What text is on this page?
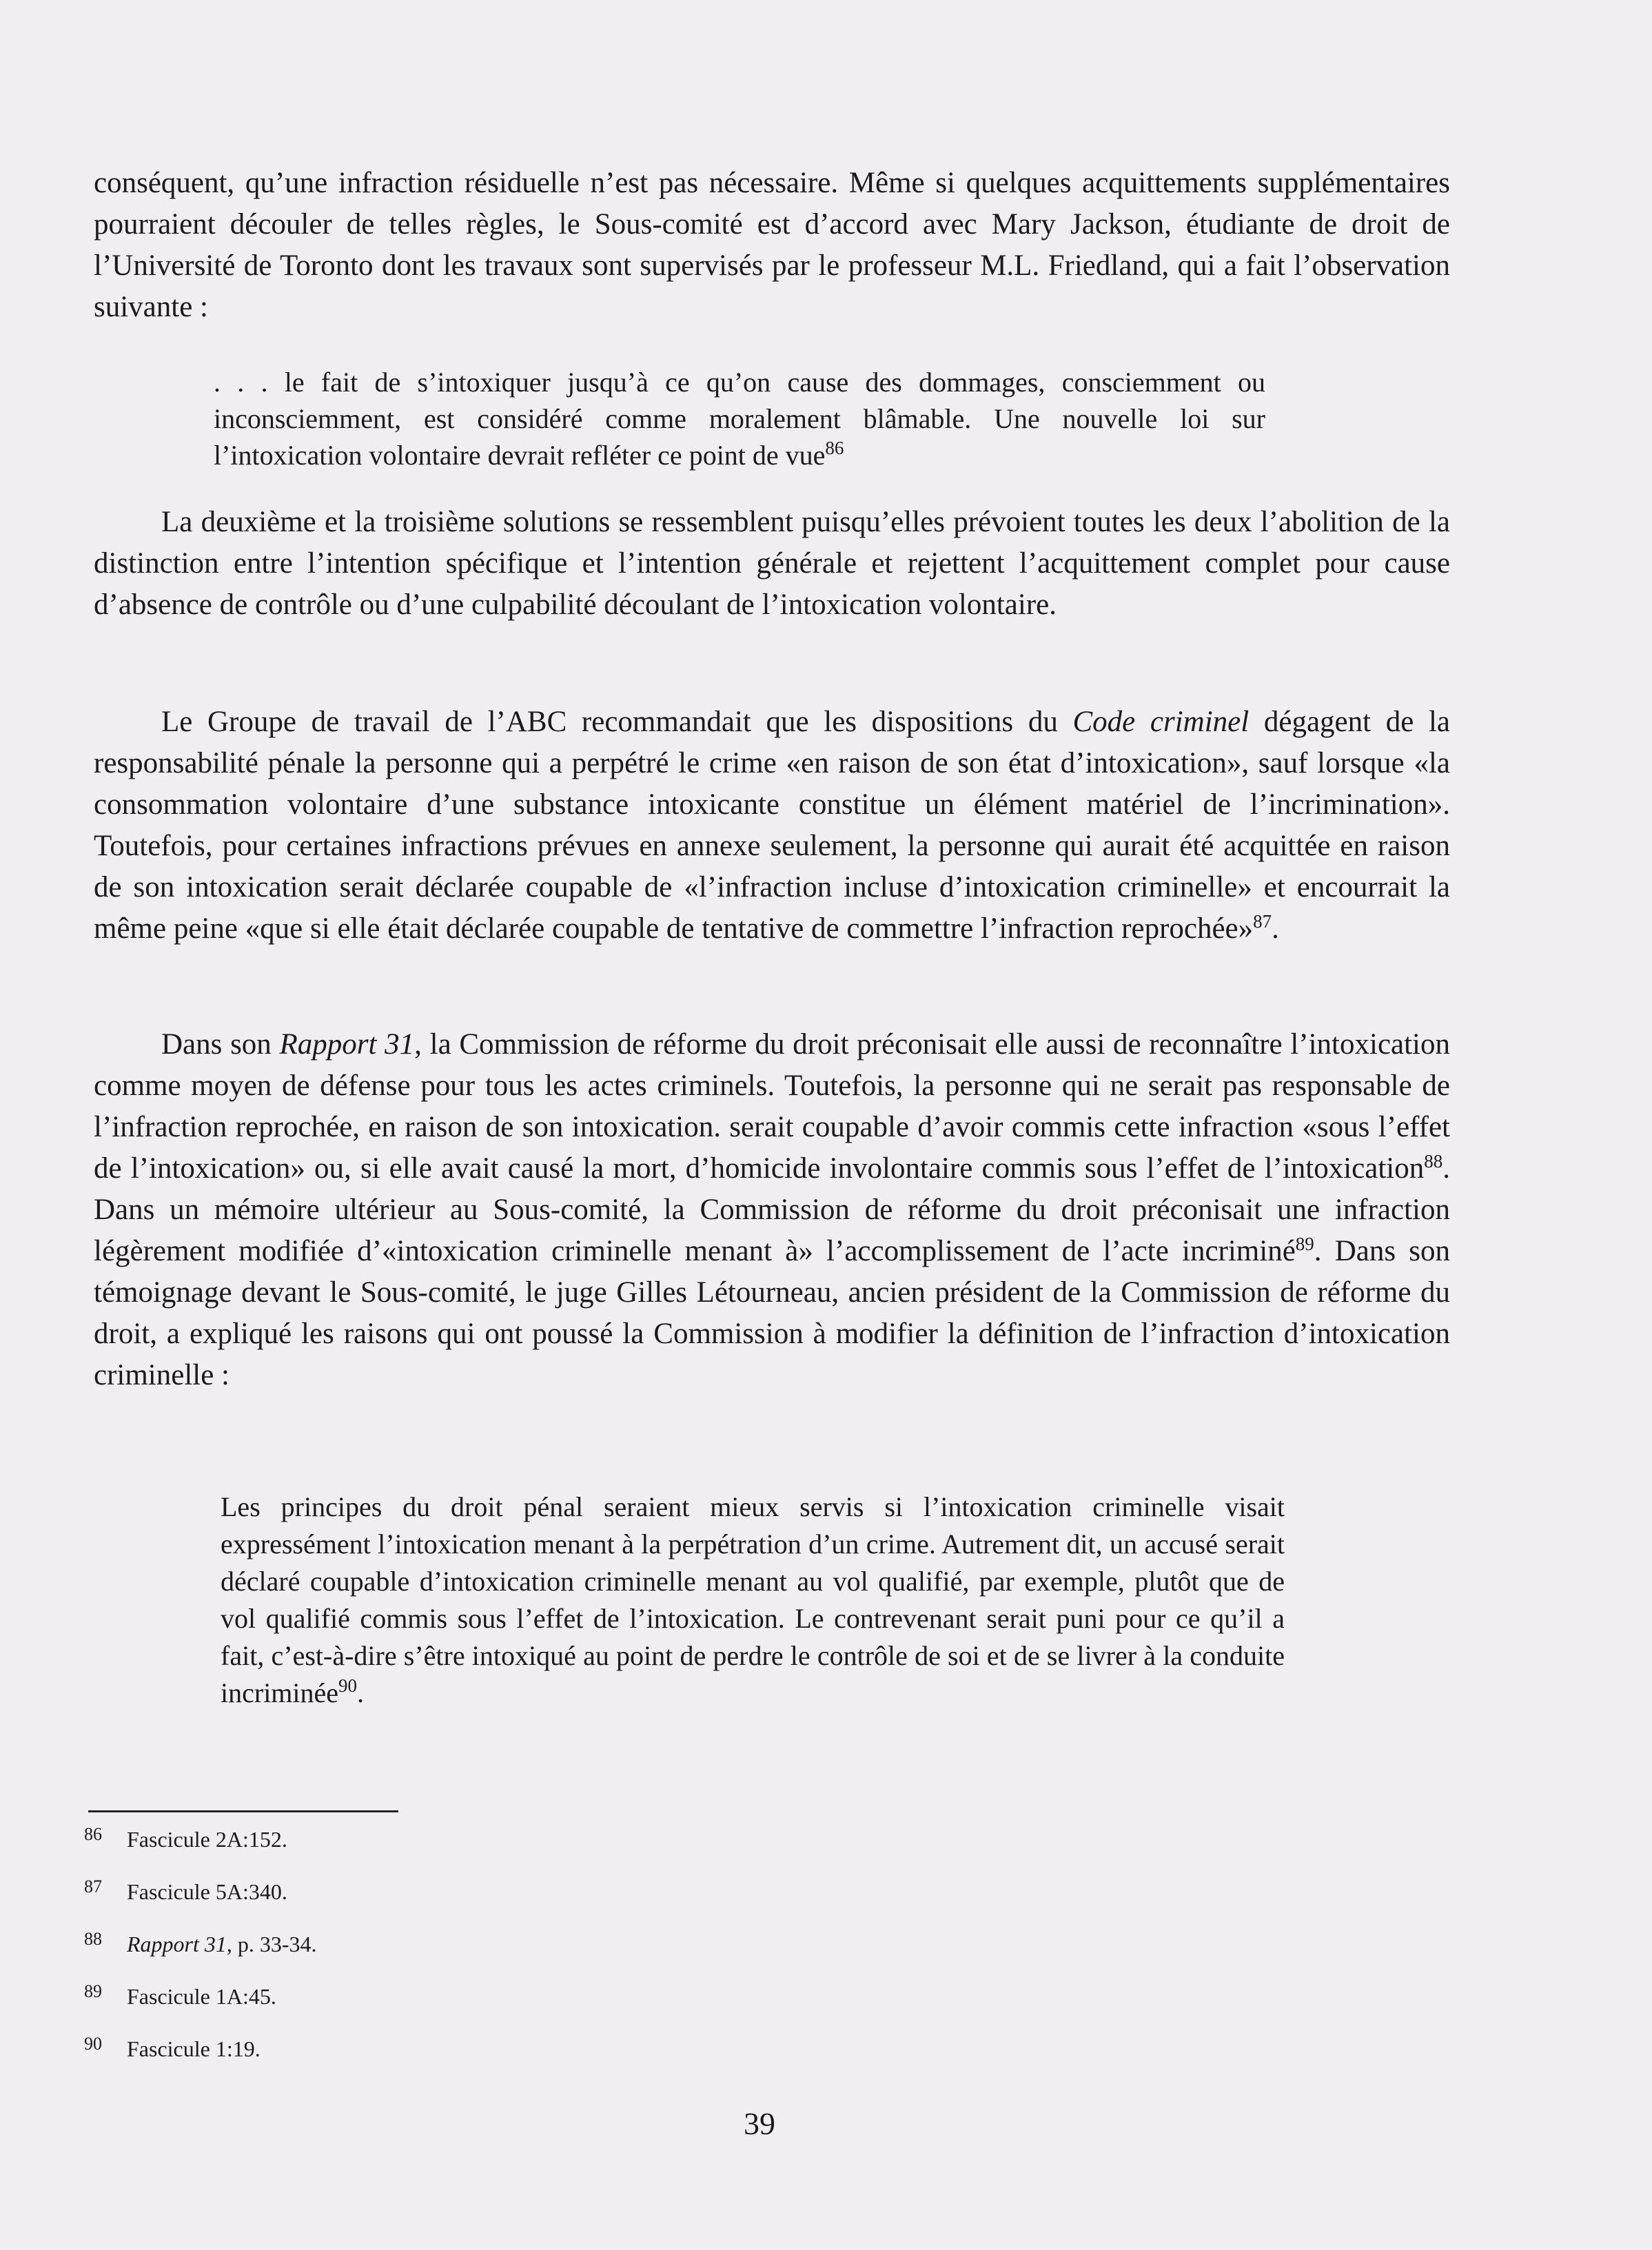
conséquent, qu’une infraction résiduelle n’est pas nécessaire. Même si quelques acquittements supplémentaires pourraient découler de telles règles, le Sous-comité est d’accord avec Mary Jackson, étudiante de droit de l’Université de Toronto dont les travaux sont supervisés par le professeur M.L. Friedland, qui a fait l’observation suivante :

. . . le fait de s’intoxiquer jusqu’à ce qu’on cause des dommages, consciemment ou inconsciemment, est considéré comme moralement blâmable. Une nouvelle loi sur l’intoxication volontaire devrait refléter ce point de vue$^{86}$

La deuxième et la troisième solutions se ressemblent puisqu’elles prévoient toutes les deux l’abolition de la distinction entre l’intention spécifique et l’intention générale et rejettent l’acquittement complet pour cause d’absence de contrôle ou d’une culpabilité découlant de l’intoxication volontaire.

Le Groupe de travail de l’ABC recommandait que les dispositions du Code criminel dégagent de la responsabilité pénale la personne qui a perpétré le crime «en raison de son état d’intoxication», sauf lorsque «la consommation volontaire d’une substance intoxicante constitue un élément matériel de l’incrimination». Toutefois, pour certaines infractions prévues en annexe seulement, la personne qui aurait été acquittée en raison de son intoxication serait déclarée coupable de «l’infraction incluse d’intoxication criminelle» et encourrait la même peine «que si elle était déclarée coupable de tentative de commettre l’infraction reprochée»$^{87}$.

Dans son Rapport 31, la Commission de réforme du droit préconisait elle aussi de reconnaître l’intoxication comme moyen de défense pour tous les actes criminels. Toutefois, la personne qui ne serait pas responsable de l’infraction reprochée, en raison de son intoxication. serait coupable d’avoir commis cette infraction «sous l’effet de l’intoxication» ou, si elle avait causé la mort, d’homicide involontaire commis sous l’effet de l’intoxication$^{88}$. Dans un mémoire ultérieur au Sous-comité, la Commission de réforme du droit préconisait une infraction légèrement modifiée d’«intoxication criminelle menant à» l’accomplissement de l’acte incriminé$^{89}$. Dans son témoignage devant le Sous-comité, le juge Gilles Létourneau, ancien président de la Commission de réforme du droit, a expliqué les raisons qui ont poussé la Commission à modifier la définition de l’infraction d’intoxication criminelle :

Les principes du droit pénal seraient mieux servis si l’intoxication criminelle visait expressément l’intoxication menant à la perpétration d’un crime. Autrement dit, un accusé serait déclaré coupable d’intoxication criminelle menant au vol qualifié, par exemple, plutôt que de vol qualifié commis sous l’effet de l’intoxication. Le contrevenant serait puni pour ce qu’il a fait, c’est-à-dire s’être intoxiqué au point de perdre le contrôle de soi et de se livrer à la conduite incriminée$^{90}$.

86 Fascicule 2A:152.
87 Fascicule 5A:340.
88 Rapport 31, p. 33-34.
89 Fascicule 1A:45.
90 Fascicule 1:19.
39
